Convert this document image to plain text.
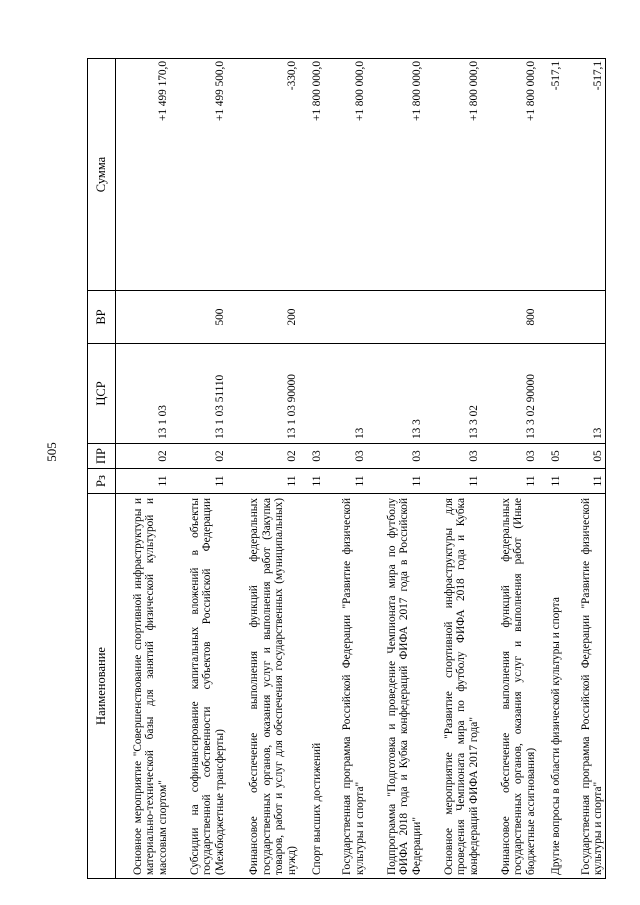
505
Наименование	Рз	ПР	ЦСР	ВР	Сумма
Основное мероприятие "Совершенствование спортивной инфраструктуры и материально-технической базы для занятий физической культурой и массовым спортом"	11	02	13 1 03		+1 499 170,0
Субсидии на софинансирование капитальных вложений в объекты государственной собственности субъектов Российской Федерации (Межбюджетные трансферты)	11	02	13 1 03 51110	500	+1 499 500,0
Финансовое обеспечение выполнения функций федеральных государственных органов, оказания услуг и выполнения работ (Закупка товаров, работ и услуг для обеспечения государственных (муниципальных) нужд)	11	02	13 1 03 90000	200	-330,0
Спорт высших достижений	11	03			+1 800 000,0
Государственная программа Российской Федерации "Развитие физической культуры и спорта"	11	03	13		+1 800 000,0
Подпрограмма "Подготовка и проведение Чемпионата мира по футболу ФИФА 2018 года и Кубка конфедераций ФИФА 2017 года в Российской Федерации"	11	03	13 3		+1 800 000,0
Основное мероприятие "Развитие спортивной инфраструктуры для проведения Чемпионата мира по футболу ФИФА 2018 года и Кубка конфедераций ФИФА 2017 года"	11	03	13 3 02		+1 800 000,0
Финансовое обеспечение выполнения функций федеральных государственных органов, оказания услуг и выполнения работ (Иные бюджетные ассигнования)	11	03	13 3 02 90000	800	+1 800 000,0
Другие вопросы в области физической культуры и спорта	11	05			-517,1
Государственная программа Российской Федерации "Развитие физической культуры и спорта"	11	05	13		-517,1
